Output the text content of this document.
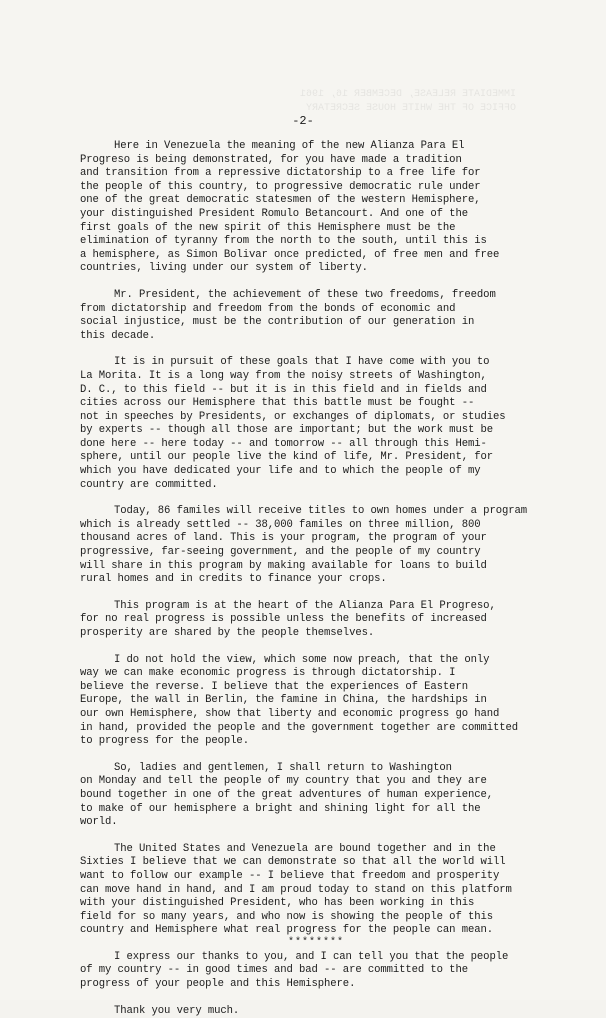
IMMEDIATE RELEASE, DECEMBER 16, 1961
OFFICE OF THE WHITE HOUSE SECRETARY
-2-

Here in Venezuela the meaning of the new Alianza Para El
Progreso is being demonstrated, for you have made a tradition
and transition from a repressive dictatorship to a free life for
the people of this country, to progressive democratic rule under
one of the great democratic statesmen of the western Hemisphere,
your distinguished President Romulo Betancourt. And one of the
first goals of the new spirit of this Hemisphere must be the
elimination of tyranny from the north to the south, until this is
a hemisphere, as Simon Bolivar once predicted, of free men and free
countries, living under our system of liberty.

Mr. President, the achievement of these two freedoms, freedom
from dictatorship and freedom from the bonds of economic and
social injustice, must be the contribution of our generation in
this decade.

It is in pursuit of these goals that I have come with you to
La Morita. It is a long way from the noisy streets of Washington,
D. C., to this field -- but it is in this field and in fields and
cities across our Hemisphere that this battle must be fought --
not in speeches by Presidents, or exchanges of diplomats, or studies
by experts -- though all those are important; but the work must be
done here -- here today -- and tomorrow -- all through this Hemi-
sphere, until our people live the kind of life, Mr. President, for
which you have dedicated your life and to which the people of my
country are committed.

Today, 86 familes will receive titles to own homes under a program
which is already settled -- 38,000 familes on three million, 800
thousand acres of land. This is your program, the program of your
progressive, far-seeing government, and the people of my country
will share in this program by making available for loans to build
rural homes and in credits to finance your crops.

This program is at the heart of the Alianza Para El Progreso,
for no real progress is possible unless the benefits of increased
prosperity are shared by the people themselves.

I do not hold the view, which some now preach, that the only
way we can make economic progress is through dictatorship. I
believe the reverse. I believe that the experiences of Eastern
Europe, the wall in Berlin, the famine in China, the hardships in
our own Hemisphere, show that liberty and economic progress go hand
in hand, provided the people and the government together are committed
to progress for the people.

So, ladies and gentlemen, I shall return to Washington
on Monday and tell the people of my country that you and they are
bound together in one of the great adventures of human experience,
to make of our hemisphere a bright and shining light for all the
world.

The United States and Venezuela are bound together and in the
Sixties I believe that we can demonstrate so that all the world will
want to follow our example -- I believe that freedom and prosperity
can move hand in hand, and I am proud today to stand on this platform
with your distinguished President, who has been working in this
field for so many years, and who now is showing the people of this
country and Hemisphere what real progress for the people can mean.

I express our thanks to you, and I can tell you that the people
of my country -- in good times and bad -- are committed to the
progress of your people and this Hemisphere.

Thank you very much.

********
